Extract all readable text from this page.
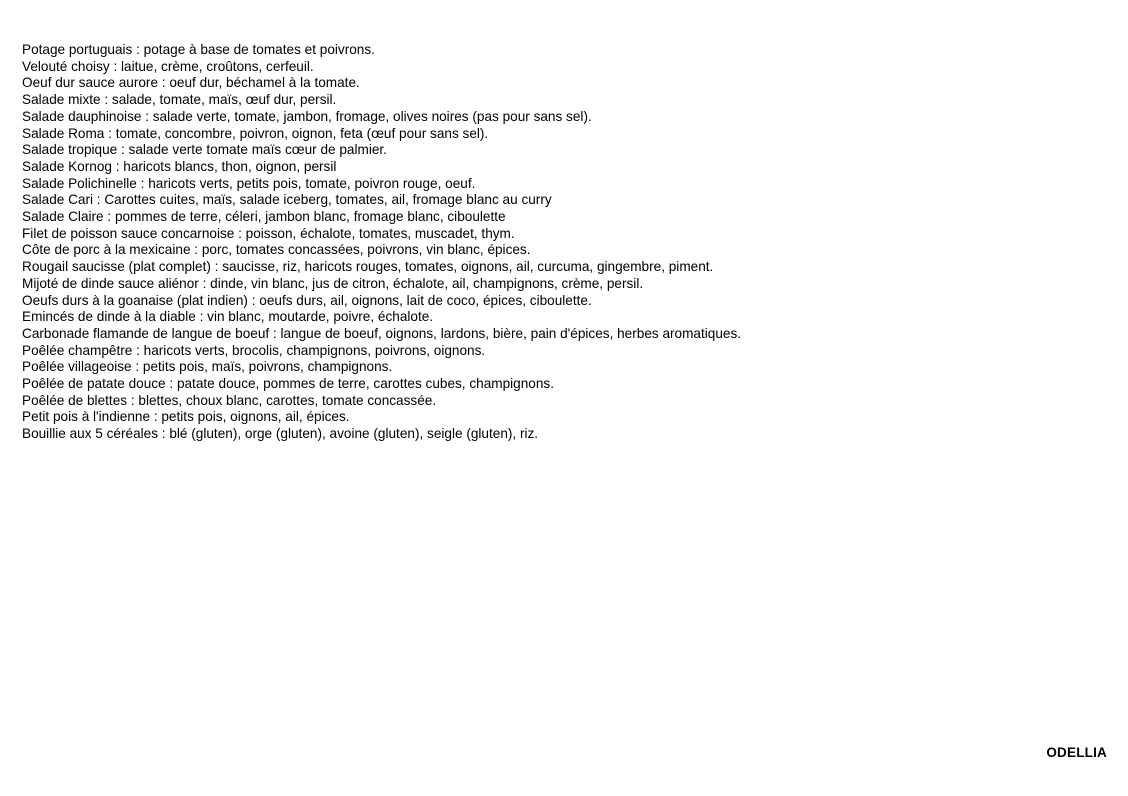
Potage portuguais : potage à base de tomates et poivrons.
Velouté choisy : laitue, crème, croûtons, cerfeuil.
Oeuf dur sauce aurore : oeuf dur, béchamel à la tomate.
Salade mixte : salade, tomate, maïs, œuf dur, persil.
Salade dauphinoise : salade verte, tomate, jambon, fromage, olives noires (pas pour sans sel).
Salade Roma : tomate, concombre, poivron, oignon, feta (œuf pour sans sel).
Salade tropique : salade verte tomate maïs cœur de palmier.
Salade Kornog : haricots blancs, thon, oignon, persil
Salade Polichinelle : haricots verts, petits pois, tomate, poivron rouge, oeuf.
Salade Cari : Carottes cuites, maïs, salade iceberg, tomates, ail, fromage blanc au curry
Salade Claire : pommes de terre, céleri, jambon blanc, fromage blanc, ciboulette
Filet de poisson sauce concarnoise : poisson, échalote, tomates, muscadet, thym.
Côte de porc à la mexicaine : porc, tomates concassées, poivrons, vin blanc, épices.
Rougail saucisse (plat complet) : saucisse, riz, haricots rouges, tomates, oignons, ail, curcuma, gingembre, piment.
Mijoté de dinde sauce aliénor : dinde, vin blanc, jus de citron, échalote, ail, champignons, crème, persil.
Oeufs durs à la goanaise (plat indien) : oeufs durs, ail, oignons, lait de coco, épices, ciboulette.
Emincés de dinde à la diable : vin blanc, moutarde, poivre, échalote.
Carbonade flamande de langue de boeuf : langue de boeuf, oignons, lardons, bière, pain d'épices, herbes aromatiques.
Poêlée champêtre : haricots verts, brocolis, champignons, poivrons, oignons.
Poêlée villageoise : petits pois, maïs, poivrons, champignons.
Poêlée de patate douce : patate douce, pommes de terre, carottes cubes, champignons.
Poêlée de blettes : blettes, choux blanc, carottes, tomate concassée.
Petit pois à l'indienne : petits pois, oignons, ail, épices.
Bouillie aux 5 céréales : blé (gluten), orge (gluten), avoine (gluten), seigle (gluten), riz.
ODELLIA
